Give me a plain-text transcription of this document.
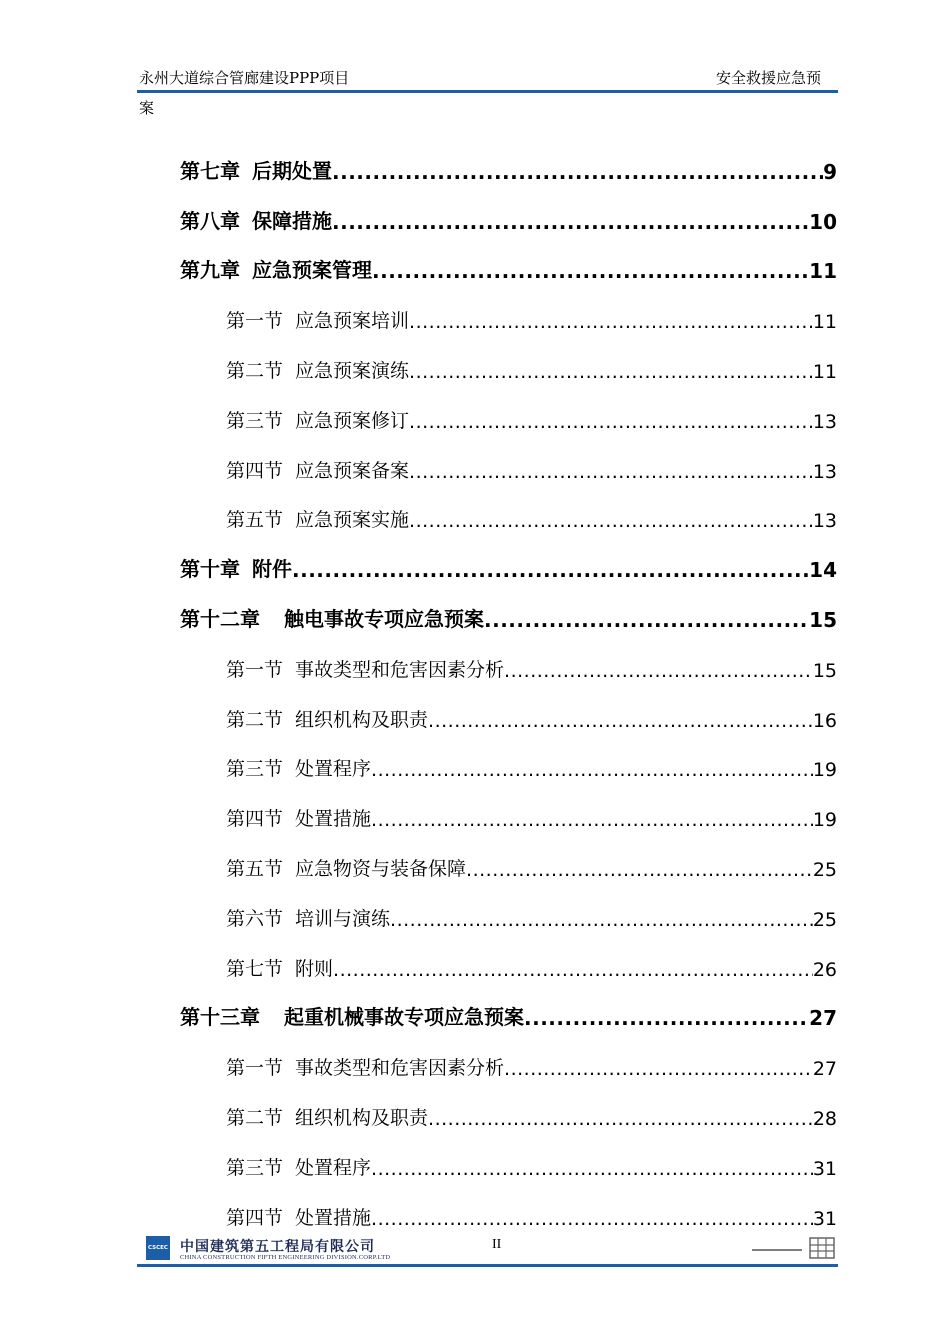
永州大道综合管廊建设PPP项目	安全救援应急预
案
第七章 后期处置 .....	9
第八章 保障措施 .....	10
第九章 应急预案管理 .....	11
第一节 应急预案培训 .....	11
第二节 应急预案演练 .....	11
第三节 应急预案修订 .....	13
第四节 应急预案备案 .....	13
第五节 应急预案实施 .....	13
第十章 附件 .....	14
第十二章 触电事故专项应急预案 .....	15
第一节 事故类型和危害因素分析 .....	15
第二节 组织机构及职责 .....	16
第三节 处置程序 .....	19
第四节 处置措施 .....	19
第五节 应急物资与装备保障 .....	25
第六节 培训与演练 .....	25
第七节 附则 .....	26
第十三章 起重机械事故专项应急预案 .....	27
第一节 事故类型和危害因素分析 .....	27
第二节 组织机构及职责 .....	28
第三节 处置程序 .....	31
第四节 处置措施 .....	31
CSCEC 中国建筑第五工程局有限公司
CHINA CONSTRUCTION FIFTH ENGINEERING DIVISION.CORP.LTD
II
